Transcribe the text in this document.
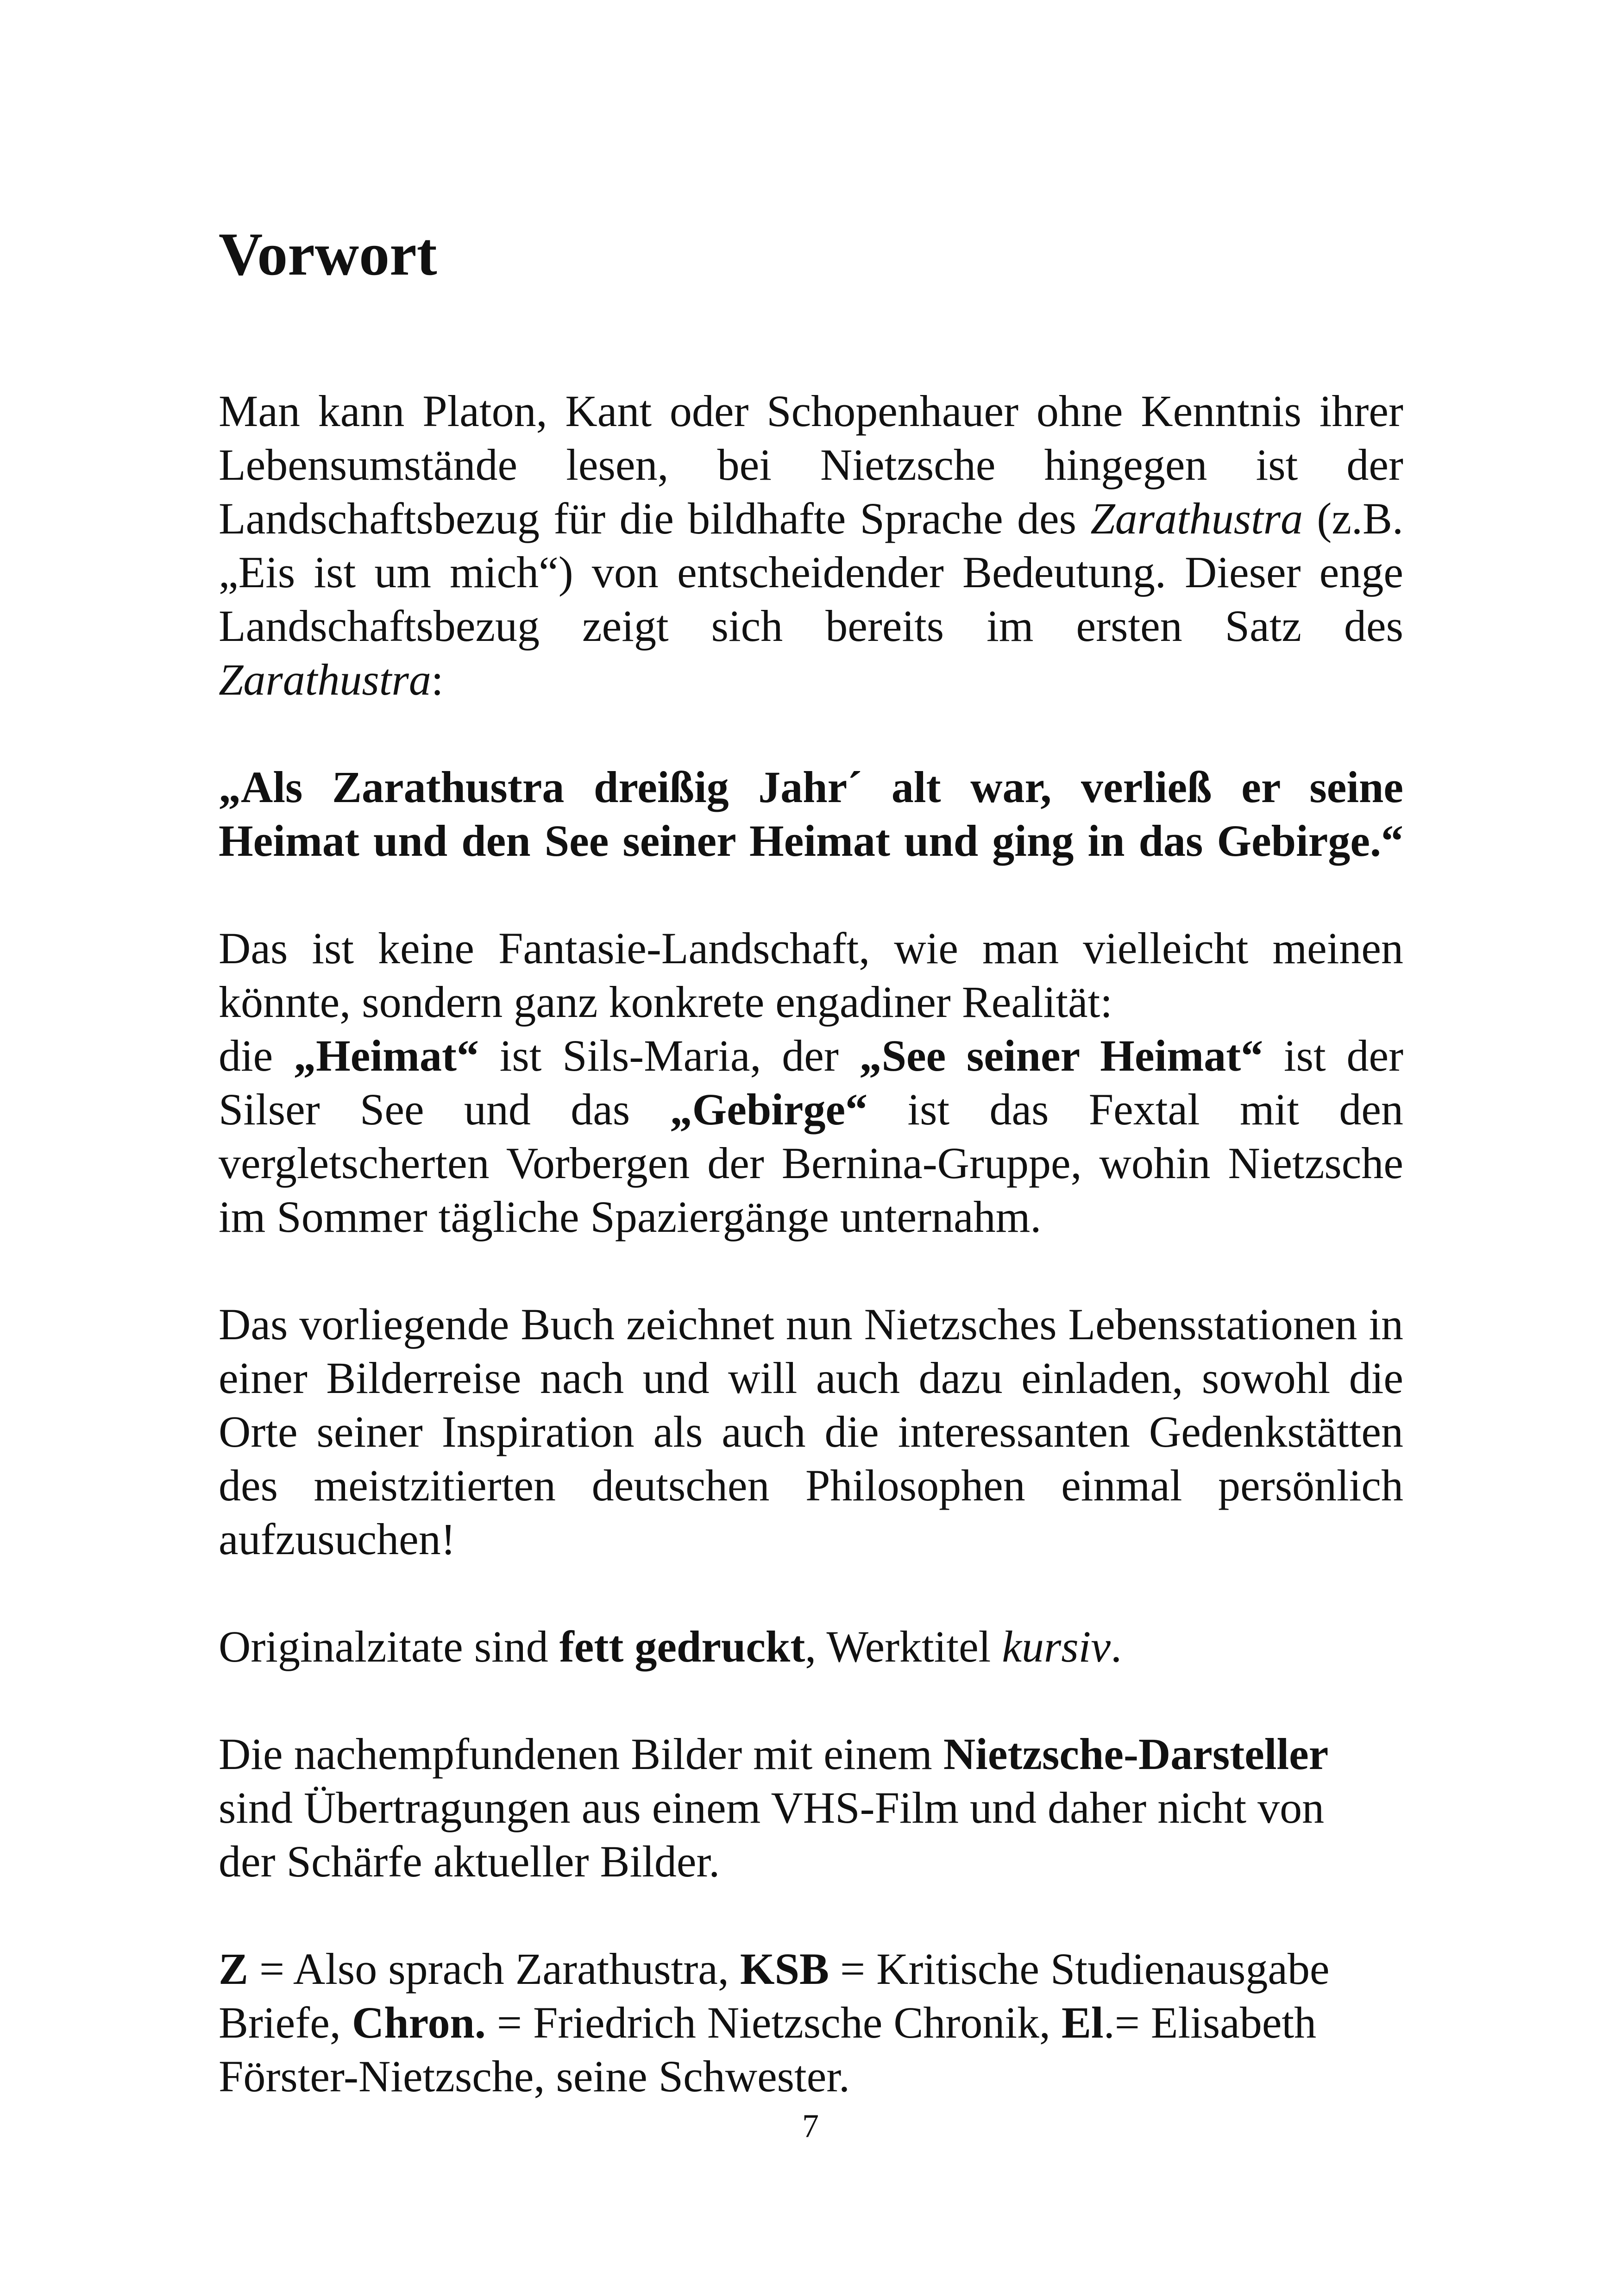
Vorwort

Man kann Platon, Kant oder Schopenhauer ohne Kenntnis ihrer Lebensumstände lesen, bei Nietzsche hingegen ist der Landschaftsbezug für die bildhafte Sprache des Zarathustra (z.B. „Eis ist um mich“) von entscheidender Bedeutung. Dieser enge Landschaftsbezug zeigt sich bereits im ersten Satz des Zarathustra:

„Als Zarathustra dreißig Jahr´ alt war, verließ er seine Heimat und den See seiner Heimat und ging in das Gebirge.“

Das ist keine Fantasie-Landschaft, wie man vielleicht meinen
könnte, sondern ganz konkrete engadiner Realität:
die „Heimat“ ist Sils-Maria, der „See seiner Heimat“ ist der Silser See und das „Gebirge“ ist das Fextal mit den vergletscherten Vorbergen der Bernina-Gruppe, wohin Nietzsche im Sommer tägliche Spaziergänge unternahm.

Das vorliegende Buch zeichnet nun Nietzsches Lebensstationen in einer Bilderreise nach und will auch dazu einladen, sowohl die Orte seiner Inspiration als auch die interessanten Gedenkstätten des meistzitierten deutschen Philosophen einmal persönlich aufzusuchen!

Originalzitate sind fett gedruckt, Werktitel kursiv.

Die nachempfundenen Bilder mit einem Nietzsche-Darsteller
sind Übertragungen aus einem VHS-Film und daher nicht von
der Schärfe aktueller Bilder.

Z = Also sprach Zarathustra, KSB = Kritische Studienausgabe
Briefe, Chron. = Friedrich Nietzsche Chronik, El.= Elisabeth
Förster-Nietzsche, seine Schwester.

7
